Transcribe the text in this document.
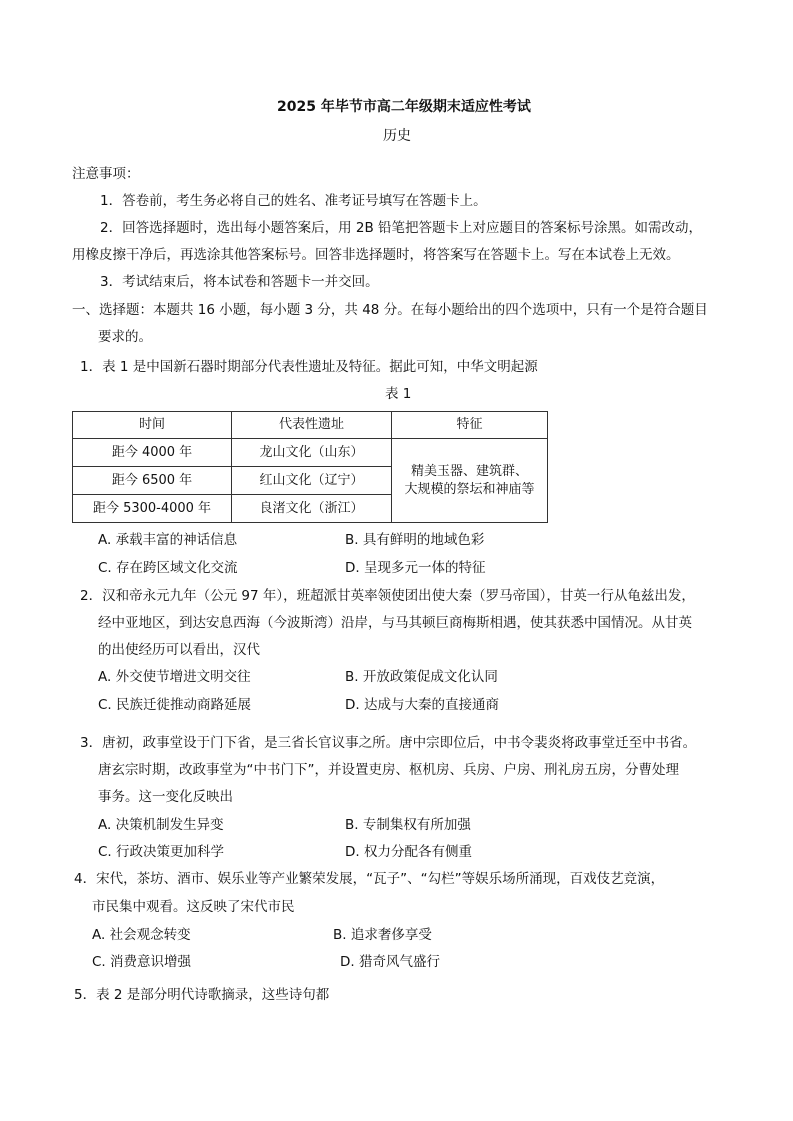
2025 年毕节市高二年级期末适应性考试
历史
注意事项：
1．答卷前，考生务必将自己的姓名、准考证号填写在答题卡上。
2．回答选择题时，选出每小题答案后，用 2B 铅笔把答题卡上对应题目的答案标号涂黑。如需改动，
用橡皮擦干净后，再选涂其他答案标号。回答非选择题时，将答案写在答题卡上。写在本试卷上无效。
3．考试结束后，将本试卷和答题卡一并交回。
一、选择题：本题共 16 小题，每小题 3 分，共 48 分。在每小题给出的四个选项中，只有一个是符合题目
要求的。
1．表 1 是中国新石器时期部分代表性遗址及特征。据此可知，中华文明起源
表 1
时间	代表性遗址	特征
距今 4000 年	龙山文化（山东）	精美玉器、建筑群、
大规模的祭坛和神庙等

距今 6500 年	红山文化（辽宁）	
距今 5300-4000 年	良渚文化（浙江）	
A. 承载丰富的神话信息	B. 具有鲜明的地域色彩
C. 存在跨区域文化交流	D. 呈现多元一体的特征
2．汉和帝永元九年（公元 97 年），班超派甘英率领使团出使大秦（罗马帝国），甘英一行从龟兹出发，
经中亚地区，到达安息西海（今波斯湾）沿岸，与马其顿巨商梅斯相遇，使其获悉中国情况。从甘英
的出使经历可以看出，汉代
A. 外交使节增进文明交往	B. 开放政策促成文化认同
C. 民族迁徙推动商路延展	D. 达成与大秦的直接通商
3．唐初，政事堂设于门下省，是三省长官议事之所。唐中宗即位后，中书令裴炎将政事堂迁至中书省。
唐玄宗时期，改政事堂为“中书门下”，并设置吏房、枢机房、兵房、户房、刑礼房五房，分曹处理
事务。这一变化反映出
A. 决策机制发生异变	B. 专制集权有所加强
C. 行政决策更加科学	D. 权力分配各有侧重
4．宋代，茶坊、酒市、娱乐业等产业繁荣发展，“瓦子”、“勾栏”等娱乐场所涌现，百戏伎艺竞演，
市民集中观看。这反映了宋代市民
A. 社会观念转变	B. 追求奢侈享受
C. 消费意识增强	D. 猎奇风气盛行
5．表 2 是部分明代诗歌摘录，这些诗句都
